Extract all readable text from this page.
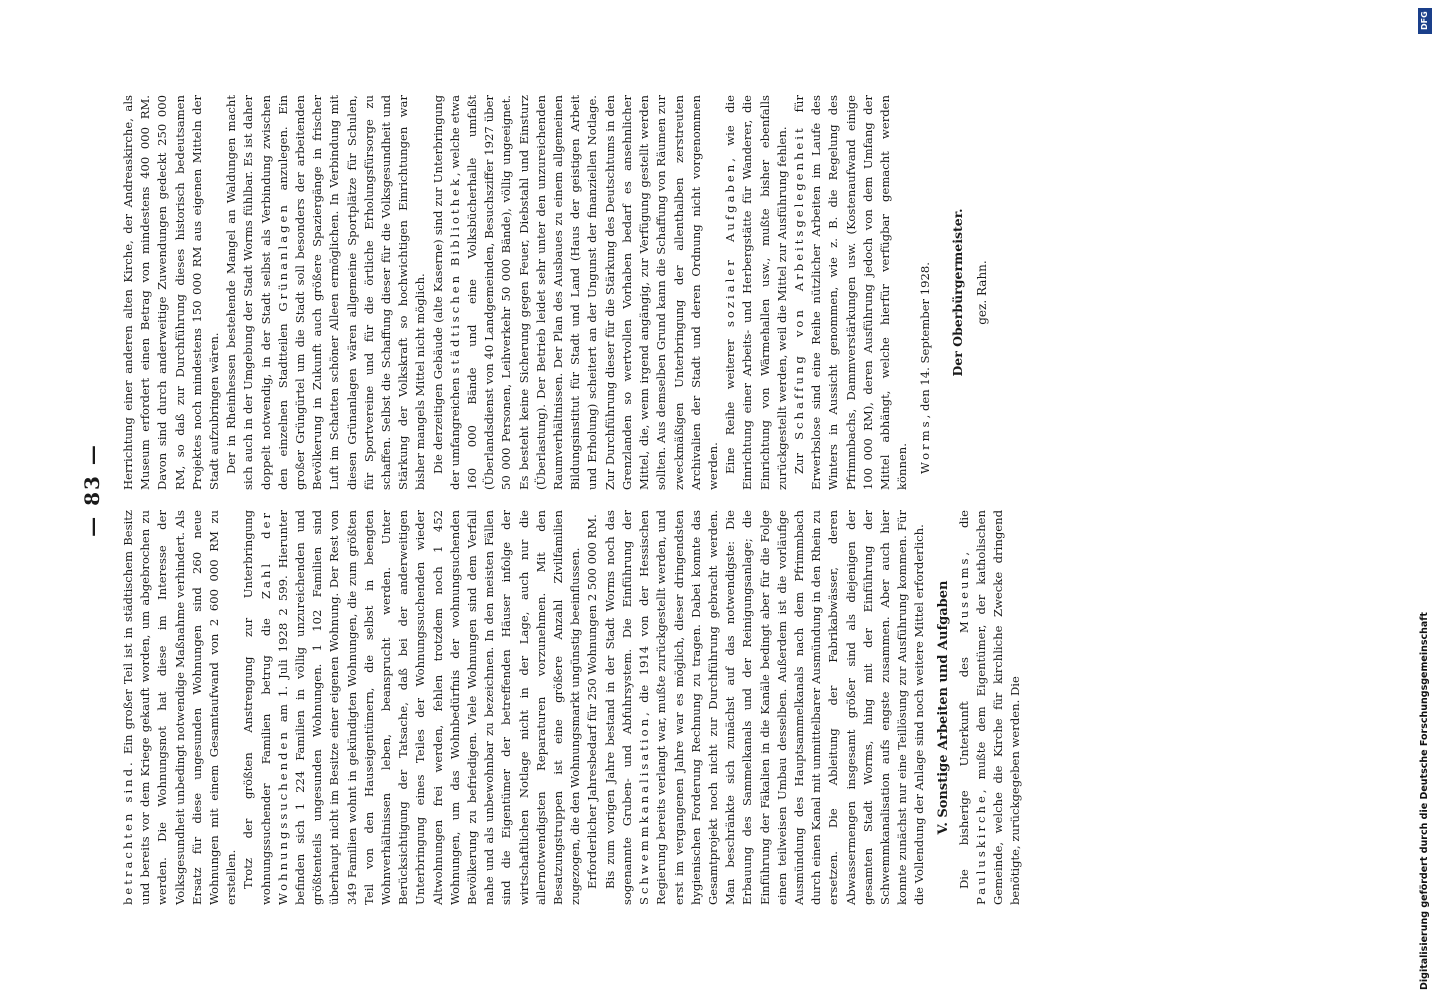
— 83 —

betrachten sind. Ein großer Teil ist in städtischem Besitz und bereits vor dem Kriege gekauft worden, um abgebrochen zu werden. Die Wohnungsnot hat diese im Interesse der Volksgesundheit unbedingt notwendige Maßnahme verhindert. Als Ersatz für diese ungesunden Wohnungen sind 260 neue Wohnungen mit einem Gesamtaufwand von 2 600 000 RM zu erstellen. Trotz der größten Anstrengung zur Unterbringung wohnungssuchender Familien betrug die Zahl der Wohnungssuchenden am 1. Juli 1928 2 599. Hierunter befinden sich 1 224 Familien in völlig unzureichenden und größtenteils ungesunden Wohnungen. 1 102 Familien sind überhaupt nicht im Besitze einer eigenen Wohnung. Der Rest von 349 Familien wohnt in gekündigten Wohnungen, die zum größten Teil von den Hauseigentümern, die selbst in beengten Wohnverhältnissen leben, beansprucht werden. Unter Berücksichtigung der Tatsache, daß bei der anderweitigen Unterbringung eines Teiles der Wohnungssuchenden wieder Altwohnungen frei werden, fehlen trotzdem noch 1 452 Wohnungen, um das Wohnbedürfnis der wohnungsuchenden Bevölkerung zu befriedigen. Viele Wohnungen sind dem Verfall nahe und als unbewohnbar zu bezeichnen. In den meisten Fällen sind die Eigentümer der betreffenden Häuser infolge der wirtschaftlichen Notlage nicht in der Lage, auch nur die allernotwendigsten Reparaturen vorzunehmen. Mit den Besatzungstruppen ist eine größere Anzahl Zivilfamilien zugezogen, die den Wohnungsmarkt ungünstig beeinflussen. Erforderlicher Jahresbedarf für 250 Wohnungen 2 500 000 RM. Bis zum vorigen Jahre bestand in der Stadt Worms noch das sogenannte Gruben- und Abfuhrsystem. Die Einführung der Schwemmkanalisation, die 1914 von der Hessischen Regierung bereits verlangt war, mußte zurückgestellt werden, und erst im vergangenen Jahre war es möglich, dieser dringendsten hygienischen Forderung Rechnung zu tragen. Dabei konnte das Gesamtprojekt noch nicht zur Durchführung gebracht werden. Man beschränkte sich zunächst auf das notwendigste: Die Erbauung des Sammelkanals und der Reinigungsanlage; die Einführung der Fäkalien in die Kanäle bedingt aber für die Folge einen teilweisen Umbau desselben. Außerdem ist die vorläufige Ausmündung des Hauptsammelkanals nach dem Pfrimmbach durch einen Kanal mit unmittelbarer Ausmündung in den Rhein zu ersetzen. Die Ableitung der Fabrikabwässer, deren Abwassermengen insgesamt größer sind als diejenigen der gesamten Stadt Worms, hing mit der Einführung der Schwemmkanalisation aufs engste zusammen. Aber auch hier konnte zunächst nur eine Teillösung zur Ausführung kommen. Für die Vollendung der Anlage sind noch weitere Mittel erforderlich. V. Sonstige Arbeiten und Aufgaben Die bisherige Unterkunft des Museums, die Pauluskirche, mußte dem Eigentümer, der katholischen Gemeinde, welche die Kirche für kirchliche Zwecke dringend benötigte, zurückgegeben werden. Die

Herrichtung einer anderen alten Kirche, der Andreaskirche, als Museum erfordert einen Betrag von mindestens 400 000 RM. Davon sind durch anderweitige Zuwendungen gedeckt 250 000 RM, so daß zur Durchführung dieses historisch bedeutsamen Projektes noch mindestens 150 000 RM aus eigenen Mitteln der Stadt aufzubringen wären. Der in Rheinhessen bestehende Mangel an Waldungen macht sich auch in der Umgebung der Stadt Worms fühlbar. Es ist daher doppelt notwendig, in der Stadt selbst als Verbindung zwischen den einzelnen Stadtteilen Grünanlagen anzulegen. Ein großer Grüngürtel um die Stadt soll besonders der arbeitenden Bevölkerung in Zukunft auch größere Spaziergänge in frischer Luft im Schatten schöner Alleen ermöglichen. In Verbindung mit diesen Grünanlagen wären allgemeine Sportplätze für Schulen, für Sportvereine und für die örtliche Erholungsfürsorge zu schaffen. Selbst die Schaffung dieser für die Volksgesundheit und Stärkung der Volkskraft so hochwichtigen Einrichtungen war bisher mangels Mittel nicht möglich. Die derzeitigen Gebäude (alte Kaserne) sind zur Unterbringung der umfangreichen städtischen Bibliothek, welche etwa 160 000 Bände und eine Volksbücherhalle umfaßt (Überlandsdienst von 40 Landgemeinden, Besuchsziffer 1927 über 50 000 Personen, Leihverkehr 50 000 Bände), völlig ungeeignet. Es besteht keine Sicherung gegen Feuer, Diebstahl und Einsturz (Überlastung). Der Betrieb leidet sehr unter den unzureichenden Raumverhältnissen. Der Plan des Ausbaues zu einem allgemeinen Bildungsinstitut für Stadt und Land (Haus der geistigen Arbeit und Erholung) scheitert an der Ungunst der finanziellen Notlage. Zur Durchführung dieser für die Stärkung des Deutschtums in den Grenzlanden so wertvollen Vorhaben bedarf es ansehnlicher Mittel, die, wenn irgend angängig, zur Verfügung gestellt werden sollten. Aus demselben Grund kann die Schaffung von Räumen zur zweckmäßigen Unterbringung der allenthalben zerstreuten Archivalien der Stadt und deren Ordnung nicht vorgenommen werden. Eine Reihe weiterer sozialer Aufgaben, wie die Einrichtung einer Arbeits- und Herbergstätte für Wanderer, die Einrichtung von Wärmehallen usw., mußte bisher ebenfalls zurückgestellt werden, weil die Mittel zur Ausführung fehlen. Zur Schaffung von Arbeitsgelegenheit für Erwerbslose sind eine Reihe nützlicher Arbeiten im Laufe des Winters in Aussicht genommen, wie z. B. die Regelung des Pfrimmbachs, Dammverstärkungen usw. (Kostenaufwand einige 100 000 RM), deren Ausführung jedoch von dem Umfang der Mittel abhängt, welche hierfür verfügbar gemacht werden können. Worms, den 14. September 1928. Der Oberbürgermeister. gez. Rahn.
DFG
Digitalisierung gefördert durch die Deutsche Forschungsgemeinschaft
